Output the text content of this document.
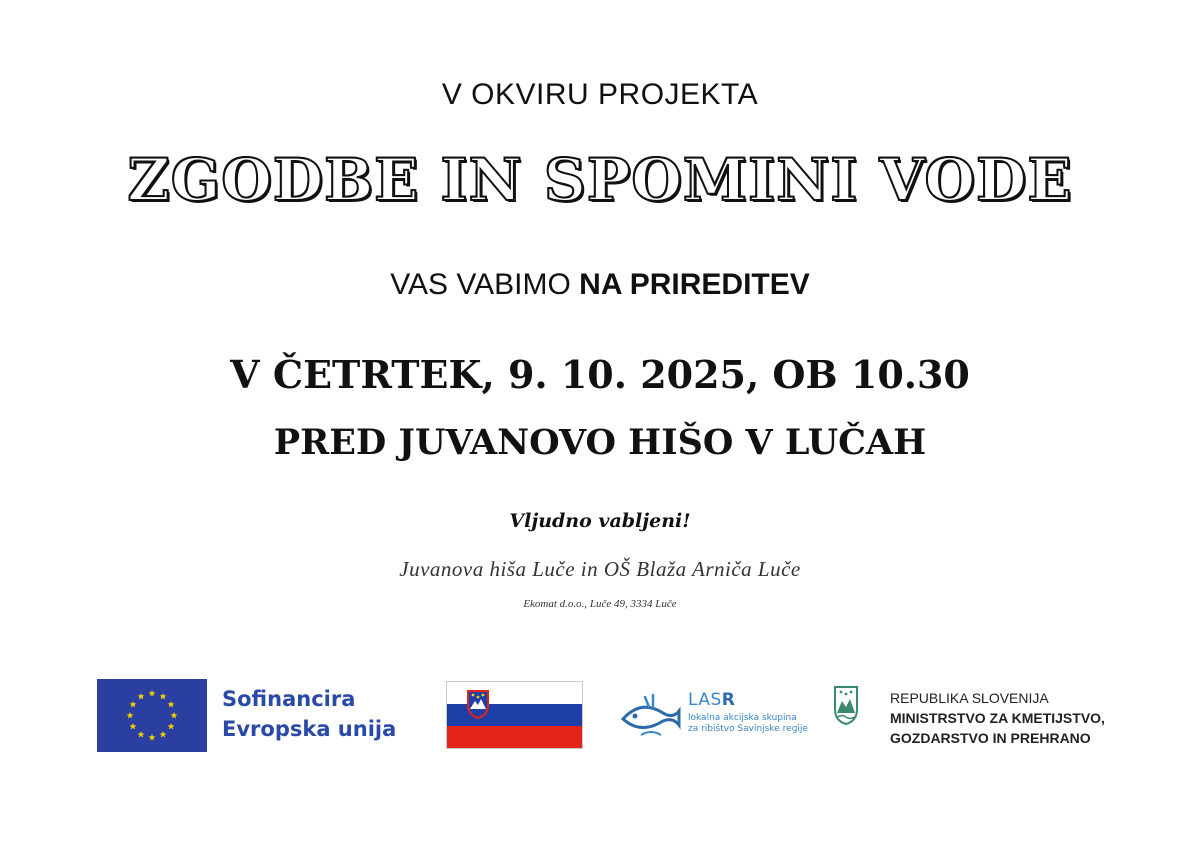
V OKVIRU PROJEKTA
ZGODBE IN SPOMINI VODE
VAS VABIMO NA PRIREDITEV
V ČETRTEK, 9. 10. 2025, OB 10.30
PRED JUVANOVO HIŠO V LUČAH
Vljudno vabljeni!
Juvanova hiša Luče in OŠ Blaža Arniča Luče
Ekomat d.o.o., Luče 49, 3334 Luče
Sofinancira
Evropska unija
LASR
lokalna akcijska skupina
za ribištvo Savinjske regije
REPUBLIKA SLOVENIJA
MINISTRSTVO ZA KMETIJSTVO,
GOZDARSTVO IN PREHRANO
